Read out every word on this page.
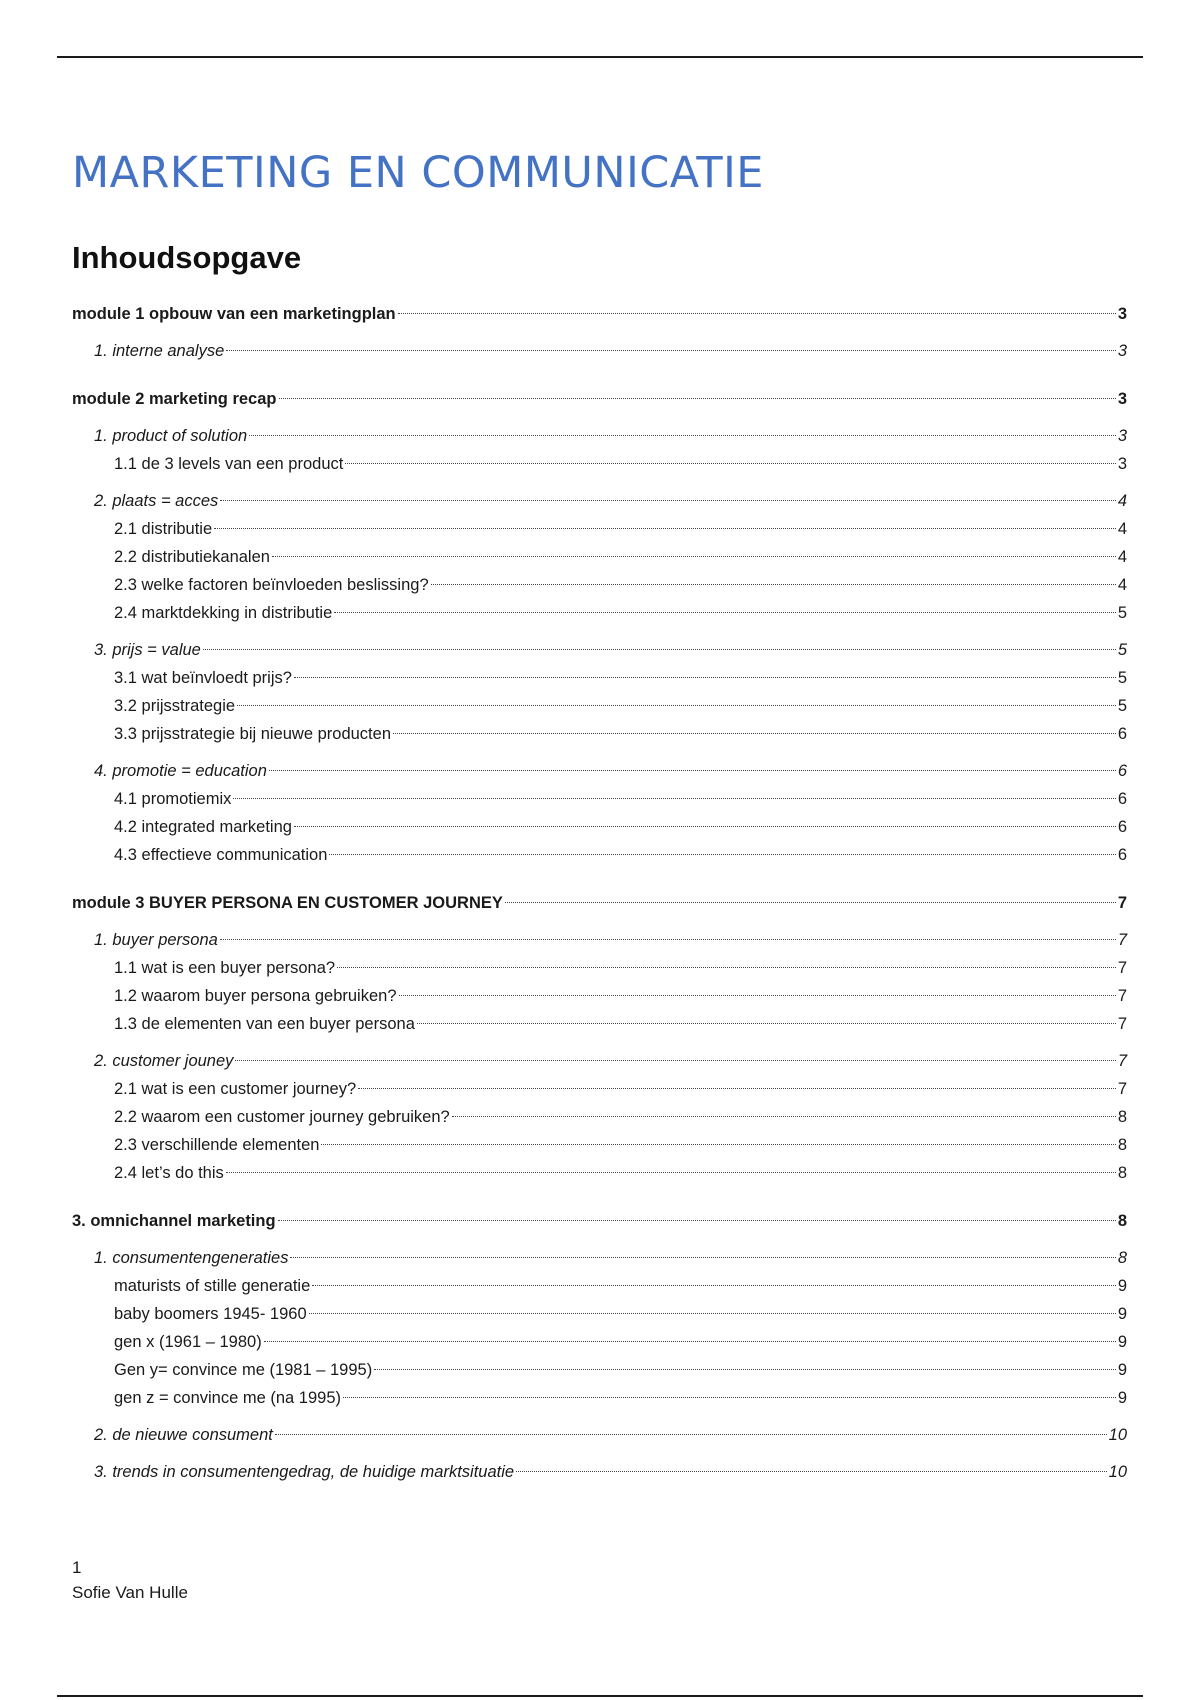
MARKETING EN COMMUNICATIE
Inhoudsopgave
module 1 opbouw van een marketingplan	3
1. interne analyse	3
module 2 marketing recap	3
1. product of solution	3
1.1 de 3 levels van een product	3
2. plaats = acces	4
2.1 distributie	4
2.2 distributiekanalen	4
2.3 welke factoren beïnvloeden beslissing?	4
2.4 marktdekking in distributie	5
3. prijs = value	5
3.1 wat beïnvloedt prijs?	5
3.2 prijsstrategie	5
3.3 prijsstrategie bij nieuwe producten	6
4. promotie = education	6
4.1 promotiemix	6
4.2 integrated marketing	6
4.3 effectieve communication	6
module 3 BUYER PERSONA EN CUSTOMER JOURNEY	7
1. buyer persona	7
1.1 wat is een buyer persona?	7
1.2 waarom buyer persona gebruiken?	7
1.3 de elementen van een buyer persona	7
2. customer jouney	7
2.1 wat is een customer journey?	7
2.2 waarom een customer journey gebruiken?	8
2.3 verschillende elementen	8
2.4 let’s do this	8
3. omnichannel marketing	8
1. consumentengeneraties	8
maturists of stille generatie	9
baby boomers 1945- 1960	9
gen x (1961 – 1980)	9
Gen y= convince me (1981 – 1995)	9
gen z = convince me (na 1995)	9
2. de nieuwe consument	10
3. trends in consumentengedrag, de huidige marktsituatie	10
1
Sofie Van Hulle
